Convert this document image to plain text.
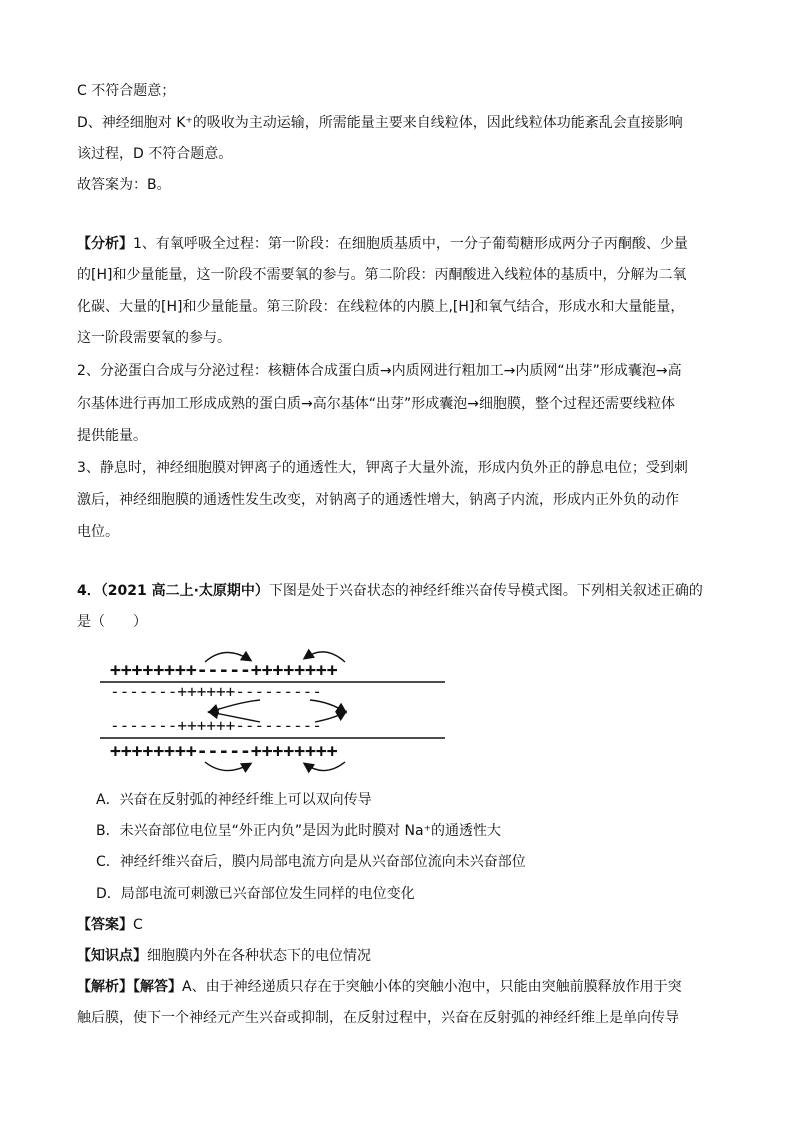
C 不符合题意；
D、神经细胞对 K⁺的吸收为主动运输，所需能量主要来自线粒体，因此线粒体功能紊乱会直接影响
该过程，D 不符合题意。
故答案为：B。
【分析】1、有氧呼吸全过程：第一阶段：在细胞质基质中，一分子葡萄糖形成两分子丙酮酸、少量
的[H]和少量能量，这一阶段不需要氧的参与。第二阶段：丙酮酸进入线粒体的基质中，分解为二氧
化碳、大量的[H]和少量能量。第三阶段：在线粒体的内膜上,[H]和氧气结合，形成水和大量能量，
这一阶段需要氧的参与。
2、分泌蛋白合成与分泌过程：核糖体合成蛋白质→内质网进行粗加工→内质网“出芽”形成囊泡→高
尔基体进行再加工形成成熟的蛋白质→高尔基体“出芽”形成囊泡→细胞膜，整个过程还需要线粒体
提供能量。
3、静息时，神经细胞膜对钾离子的通透性大，钾离子大量外流，形成内负外正的静息电位；受到刺
激后，神经细胞膜的通透性发生改变，对钠离子的通透性增大，钠离子内流，形成内正外负的动作
电位。
4．（2021 高二上·太原期中）下图是处于兴奋状态的神经纤维兴奋传导模式图。下列相关叙述正确的
是（　　）
++++++++-----++++++++
-------++++++---------
-------++++++---------
++++++++-----++++++++
A．兴奋在反射弧的神经纤维上可以双向传导
B．未兴奋部位电位呈“外正内负”是因为此时膜对 Na⁺的通透性大
C．神经纤维兴奋后，膜内局部电流方向是从兴奋部位流向未兴奋部位
D．局部电流可刺激已兴奋部位发生同样的电位变化
【答案】C
【知识点】细胞膜内外在各种状态下的电位情况
【解析】【解答】A、由于神经递质只存在于突触小体的突触小泡中，只能由突触前膜释放作用于突
触后膜，使下一个神经元产生兴奋或抑制，在反射过程中，兴奋在反射弧的神经纤维上是单向传导
